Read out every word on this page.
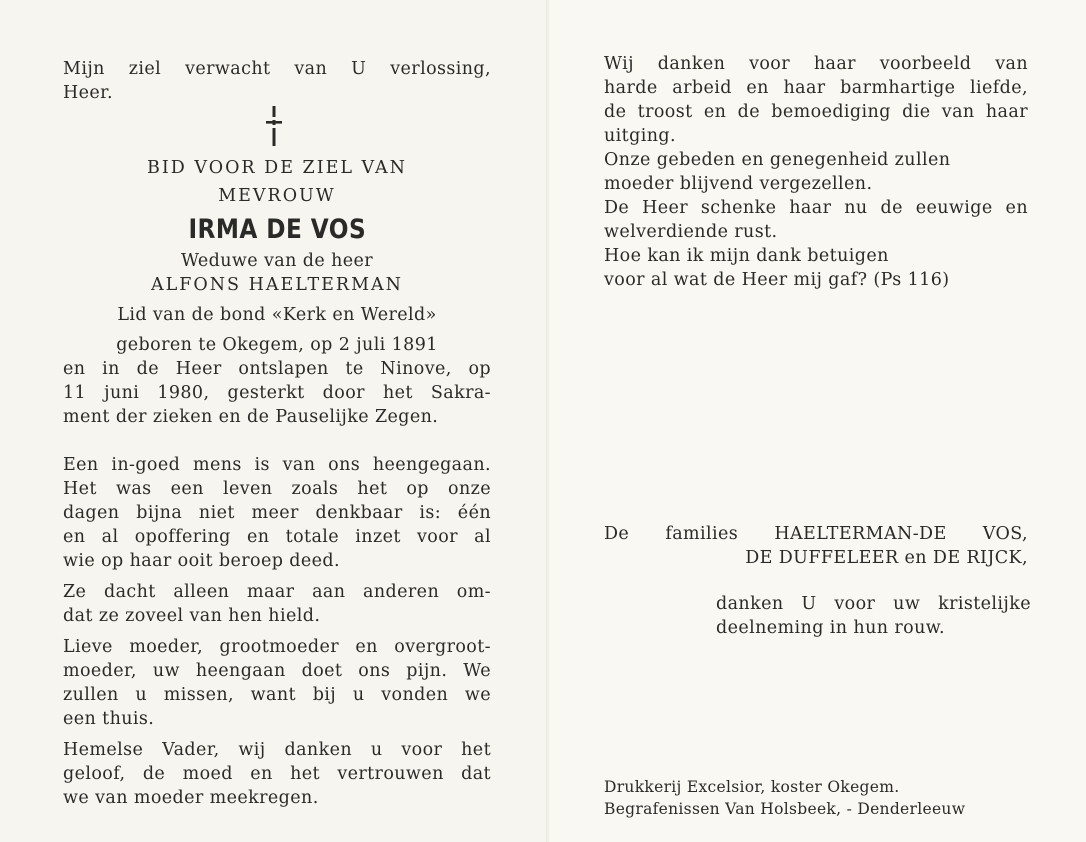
Mijn ziel verwacht van U verlossing,
Heer.
BID VOOR DE ZIEL VAN
MEVROUW
IRMA DE VOS
Weduwe van de heer
ALFONS HAELTERMAN
Lid van de bond «Kerk en Wereld»
geboren te Okegem, op 2 juli 1891
en in de Heer ontslapen te Ninove, op
11 juni 1980, gesterkt door het Sakra-
ment der zieken en de Pauselijke Zegen.
Een in-goed mens is van ons heengegaan.
Het was een leven zoals het op onze
dagen bijna niet meer denkbaar is: één
en al opoffering en totale inzet voor al
wie op haar ooit beroep deed.
Ze dacht alleen maar aan anderen om-
dat ze zoveel van hen hield.
Lieve moeder, grootmoeder en overgroot-
moeder, uw heengaan doet ons pijn. We
zullen u missen, want bij u vonden we
een thuis.
Hemelse Vader, wij danken u voor het
geloof, de moed en het vertrouwen dat
we van moeder meekregen.
Wij danken voor haar voorbeeld van
harde arbeid en haar barmhartige liefde,
de troost en de bemoediging die van haar
uitging.
Onze gebeden en genegenheid zullen
moeder blijvend vergezellen.
De Heer schenke haar nu de eeuwige en
welverdiende rust.
Hoe kan ik mijn dank betuigen
voor al wat de Heer mij gaf? (Ps 116)
De families HAELTERMAN-DE VOS,
DE DUFFELEER en DE RIJCK,
danken U voor uw kristelijke
deelneming in hun rouw.
Drukkerij Excelsior, koster Okegem.
Begrafenissen Van Holsbeek, - Denderleeuw
